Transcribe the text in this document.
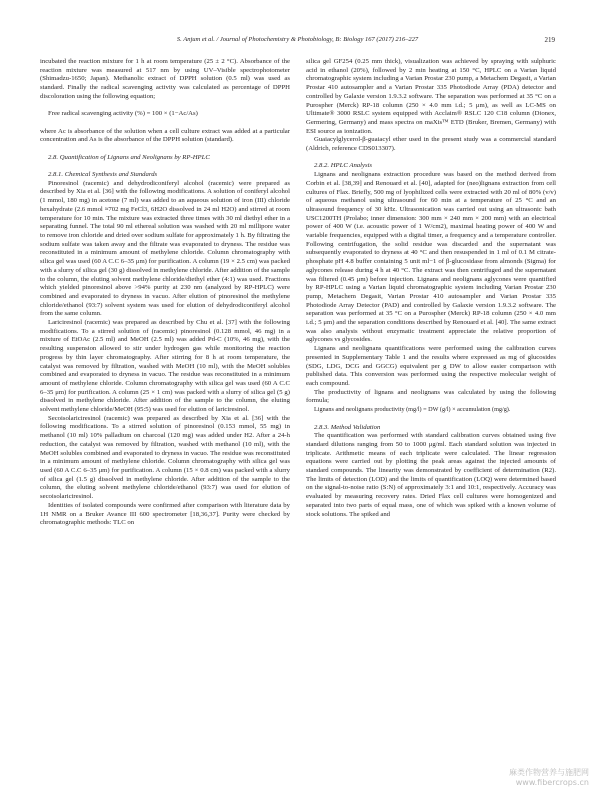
S. Anjum et al. / Journal of Photochemistry & Photobiology, B: Biology 167 (2017) 216–227	219

incubated the reaction mixture for 1 h at room temperature (25 ± 2 °C). Absorbance of the reaction mixture was measured at 517 nm by using UV–Visible spectrophotometer (Shimadzu-1650; Japan). Methanolic extract of DPPH solution (0.5 ml) was used as standard. Finally the radical scavenging activity was calculated as percentage of DPPH discoloration using the following equation;

Free radical scavenging activity (%) = 100 × (1−Ac/As)

where Ac is absorbance of the solution when a cell culture extract was added at a particular concentration and As is the absorbance of the DPPH solution (standard).

2.8. Quantification of Lignans and Neolignans by RP-HPLC

2.8.1. Chemical Synthesis and Standards

Pinoresinol (racemic) and dehydrodiconiferyl alcohol (racemic) were prepared as described by Xia et al. [36] with the following modifications. A solution of coniferyl alcohol (1 mmol, 180 mg) in acetone (7 ml) was added to an aqueous solution of iron (III) chloride hexahydrate (2.6 mmol ≈702 mg FeCl3, 6H2O dissolved in 24 ml H2O) and stirred at room temperature for 10 min. The mixture was extracted three times with 30 ml diethyl ether in a separating funnel. The total 90 ml ethereal solution was washed with 20 ml millipore water to remove iron chloride and dried over sodium sulfate for approximately 1 h. By filtrating the sodium sulfate was taken away and the filtrate was evaporated to dryness. The residue was reconstituted in a minimum amount of methylene chloride. Column chromatography with silica gel was used (60 A C.C 6–35 μm) for purification. A column (19 × 2.5 cm) was packed with a slurry of silica gel (30 g) dissolved in methylene chloride. After addition of the sample to the column, the eluting solvent methylene chloride/diethyl ether (4:1) was used. Fractions which yielded pinoresinol above >94% purity at 230 nm (analyzed by RP-HPLC) were combined and evaporated to dryness in vacuo. After elution of pinoresinol the methylene chloride/ethanol (93:7) solvent system was used for elution of dehydrodiconiferyl alcohol from the same column.

Lariciresinol (racemic) was prepared as described by Chu et al. [37] with the following modifications. To a stirred solution of (racemic) pinoresinol (0.128 mmol, 46 mg) in a mixture of EtOAc (2.5 ml) and MeOH (2.5 ml) was added Pd-C (10%, 46 mg), with the resulting suspension allowed to stir under hydrogen gas while monitoring the reaction progress by thin layer chromatography. After stirring for 8 h at room temperature, the catalyst was removed by filtration, washed with MeOH (10 ml), with the MeOH solubles combined and evaporated to dryness in vacuo. The residue was reconstituted in a minimum amount of methylene chloride. Column chromatography with silica gel was used (60 A C.C 6–35 μm) for purification. A column (25 × 1 cm) was packed with a slurry of silica gel (5 g) dissolved in methylene chloride. After addition of the sample to the column, the eluting solvent methylene chloride/MeOH (95:5) was used for elution of lariciresinol.

Secoisolariciresinol (racemic) was prepared as described by Xia et al. [36] with the following modifications. To a stirred solution of pinoresinol (0.153 mmol, 55 mg) in methanol (10 ml) 10% palladium on charcoal (120 mg) was added under H2. After a 24-h reduction, the catalyst was removed by filtration, washed with methanol (10 ml), with the MeOH solubles combined and evaporated to dryness in vacuo. The residue was reconstituted in a minimum amount of methylene chloride. Column chromatography with silica gel was used (60 A C.C 6–35 μm) for purification. A column (15 × 0.8 cm) was packed with a slurry of silica gel (1.5 g) dissolved in methylene chloride. After addition of the sample to the column, the eluting solvent methylene chloride/ethanol (93:7) was used for elution of secoisolariciresinol.

Identities of isolated compounds were confirmed after comparison with literature data by 1H NMR on a Bruker Avance III 600 spectrometer [18,36,37]. Purity were checked by chromatographic methods: TLC on

silica gel GF254 (0.25 mm thick), visualization was achieved by spraying with sulphuric acid in ethanol (20%), followed by 2 min heating at 150 °C, HPLC on a Varian liquid chromatographic system including a Varian Prostar 230 pump, a Metachem Degasit, a Varian Prostar 410 autosampler and a Varian Prostar 335 Photodiode Array (PDA) detector and controlled by Galaxie version 1.9.3.2 software. The separation was performed at 35 °C on a Purospher (Merck) RP-18 column (250 × 4.0 mm i.d.; 5 μm), as well as LC-MS on Ultimate® 3000 RSLC system equipped with Acclaim® RSLC 120 C18 column (Dionex, Germering, Germany) and mass spectra on maXis™ ETD (Bruker, Bremen, Germany) with ESI source as ionization.

Guaiacylglycerol-β-guaiacyl ether used in the present study was a commercial standard (Aldrich, reference CDS013307).

2.8.2. HPLC Analysis

Lignans and neolignans extraction procedure was based on the method derived from Corbin et al. [38,39] and Renouard et al. [40], adapted for (neo)lignans extraction from cell cultures of Flax. Briefly, 500 mg of lyophilized cells were extracted with 20 ml of 80% (v/v) of aqueous methanol using ultrasound for 60 min at a temperature of 25 °C and an ultrasound frequency of 30 kHz. Ultrasonication was carried out using an ultrasonic bath USC1200TH (Prolabo; inner dimension: 300 mm × 240 mm × 200 mm) with an electrical power of 400 W (i.e. acoustic power of 1 W/cm2), maximal heating power of 400 W and variable frequencies, equipped with a digital timer, a frequency and a temperature controller. Following centrifugation, the solid residue was discarded and the supernatant was subsequently evaporated to dryness at 40 °C and then resuspended in 1 ml of 0.1 M citrate-phosphate pH 4.8 buffer containing 5 unit ml−1 of β-glucosidase from almonds (Sigma) for aglycones release during 4 h at 40 °C. The extract was then centrifuged and the supernatant was filtered (0.45 μm) before injection. Lignans and neolignans aglycones were quantified by RP-HPLC using a Varian liquid chromatographic system including Varian Prostar 230 pump, Metachem Degasit, Varian Prostar 410 autosampler and Varian Prostar 335 Photodiode Array Detector (PAD) and controlled by Galaxie version 1.9.3.2 software. The separation was performed at 35 °C on a Purospher (Merck) RP-18 column (250 × 4.0 mm i.d.; 5 μm) and the separation conditions described by Renouard et al. [40]. The same extract was also analysis without enzymatic treatment appreciate the relative proportion of aglycones vs glycosides.

Lignans and neolignans quantifications were performed using the calibration curves presented in Supplementary Table 1 and the results where expressed as mg of glucosides (SDG, LDG, DCG and GGCG) equivalent per g DW to allow easier comparison with published data. This conversion was performed using the respective molecular weight of each compound.

The productivity of lignans and neolignans was calculated by using the following formula;

Lignans and neolignans productivity (mg/l) = DW (g/l) × accumulation (mg/g).

2.8.3. Method Validation

The quantification was performed with standard calibration curves obtained using five standard dilutions ranging from 50 to 1000 μg/ml. Each standard solution was injected in triplicate. Arithmetic means of each triplicate were calculated. The linear regression equations were carried out by plotting the peak areas against the injected amounts of standard compounds. The linearity was demonstrated by coefficient of determination (R2). The limits of detection (LOD) and the limits of quantification (LOQ) were determined based on the signal-to-noise ratio (S:N) of approximately 3:1 and 10:1, respectively. Accuracy was evaluated by measuring recovery rates. Dried Flax cell cultures were homogenized and separated into two parts of equal mass, one of which was spiked with a known volume of stock solutions. The spiked and

麻类作物营养与施肥网
www.fibercrops.cn
